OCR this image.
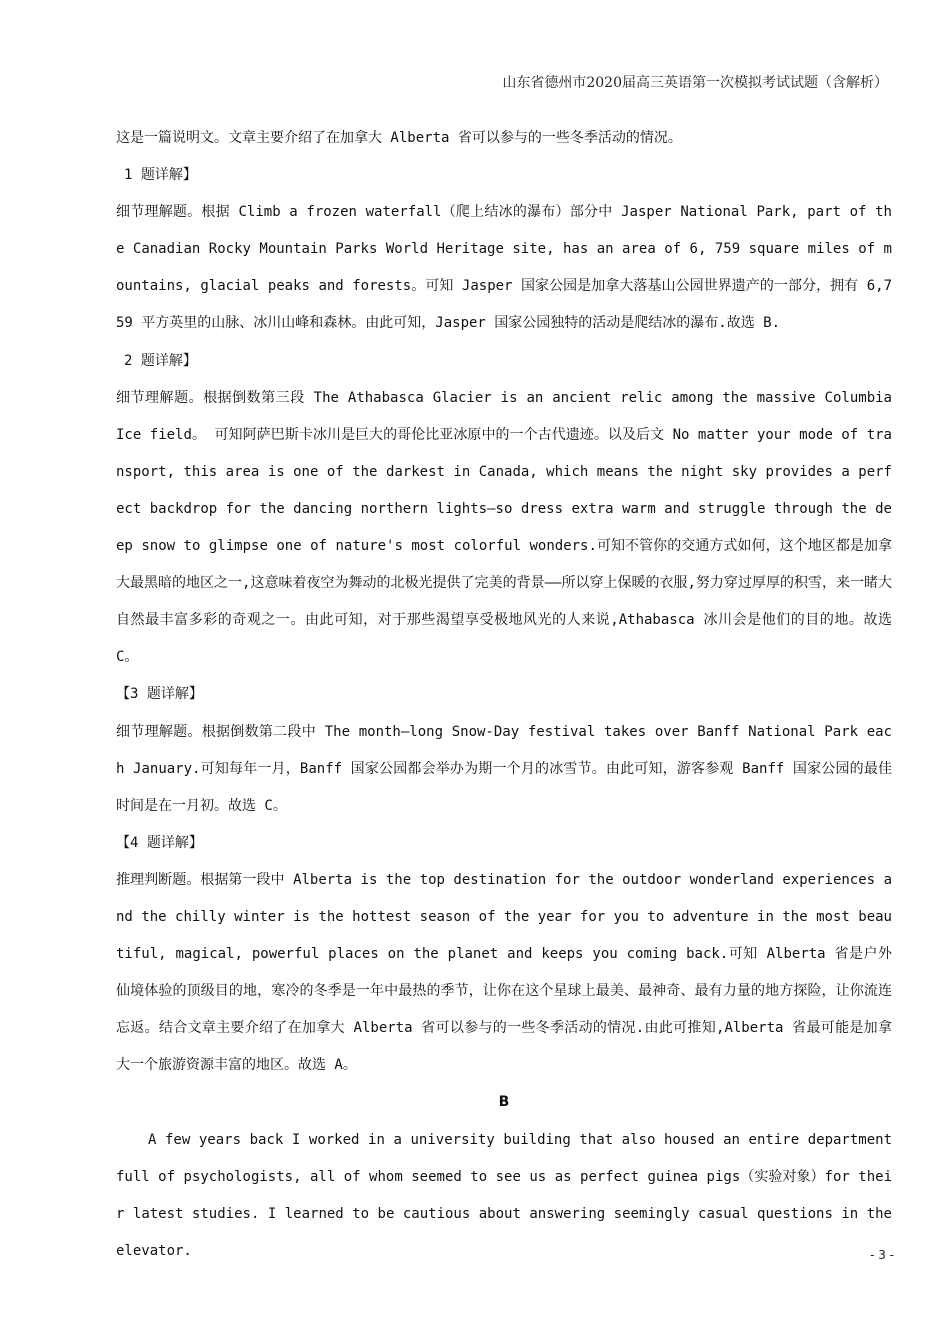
山东省德州市2020届高三英语第一次模拟考试试题（含解析）

这是一篇说明文。文章主要介绍了在加拿大 Alberta 省可以参与的一些冬季活动的情况。

1 题详解】

细节理解题。根据 Climb a frozen waterfall（爬上结冰的瀑布）部分中 Jasper National Park, part of the Canadian Rocky Mountain Parks World Heritage site, has an area of 6, 759 square miles of mountains, glacial peaks and forests。可知 Jasper 国家公园是加拿大落基山公园世界遗产的一部分，拥有 6,759 平方英里的山脉、冰川山峰和森林。由此可知，Jasper 国家公园独特的活动是爬结冰的瀑布.故选 B.

2 题详解】

细节理解题。根据倒数第三段 The Athabasca Glacier is an ancient relic among the massive Columbia Ice field。 可知阿萨巴斯卡冰川是巨大的哥伦比亚冰原中的一个古代遗迹。以及后文 No matter your mode of transport, this area is one of the darkest in Canada, which means the night sky provides a perfect backdrop for the dancing northern lights—so dress extra warm and struggle through the deep snow to glimpse one of nature's most colorful wonders.可知不管你的交通方式如何，这个地区都是加拿大最黑暗的地区之一,这意味着夜空为舞动的北极光提供了完美的背景——所以穿上保暖的衣服,努力穿过厚厚的积雪，来一睹大自然最丰富多彩的奇观之一。由此可知，对于那些渴望享受极地风光的人来说,Athabasca 冰川会是他们的目的地。故选 C。

【3 题详解】

细节理解题。根据倒数第二段中 The month—long Snow-Day festival takes over Banff National Park each January.可知每年一月，Banff 国家公园都会举办为期一个月的冰雪节。由此可知，游客参观 Banff 国家公园的最佳时间是在一月初。故选 C。

【4 题详解】

推理判断题。根据第一段中 Alberta is the top destination for the outdoor wonderland experiences and the chilly winter is the hottest season of the year for you to adventure in the most beautiful, magical, powerful places on the planet and keeps you coming back.可知 Alberta 省是户外仙境体验的顶级目的地，寒冷的冬季是一年中最热的季节，让你在这个星球上最美、最神奇、最有力量的地方探险，让你流连忘返。结合文章主要介绍了在加拿大 Alberta 省可以参与的一些冬季活动的情况.由此可推知,Alberta 省最可能是加拿大一个旅游资源丰富的地区。故选 A。

B

A few years back I worked in a university building that also housed an entire department full of psychologists, all of whom seemed to see us as perfect guinea pigs（实验对象）for their latest studies. I learned to be cautious about answering seemingly casual questions in the elevator.	- 3 -
